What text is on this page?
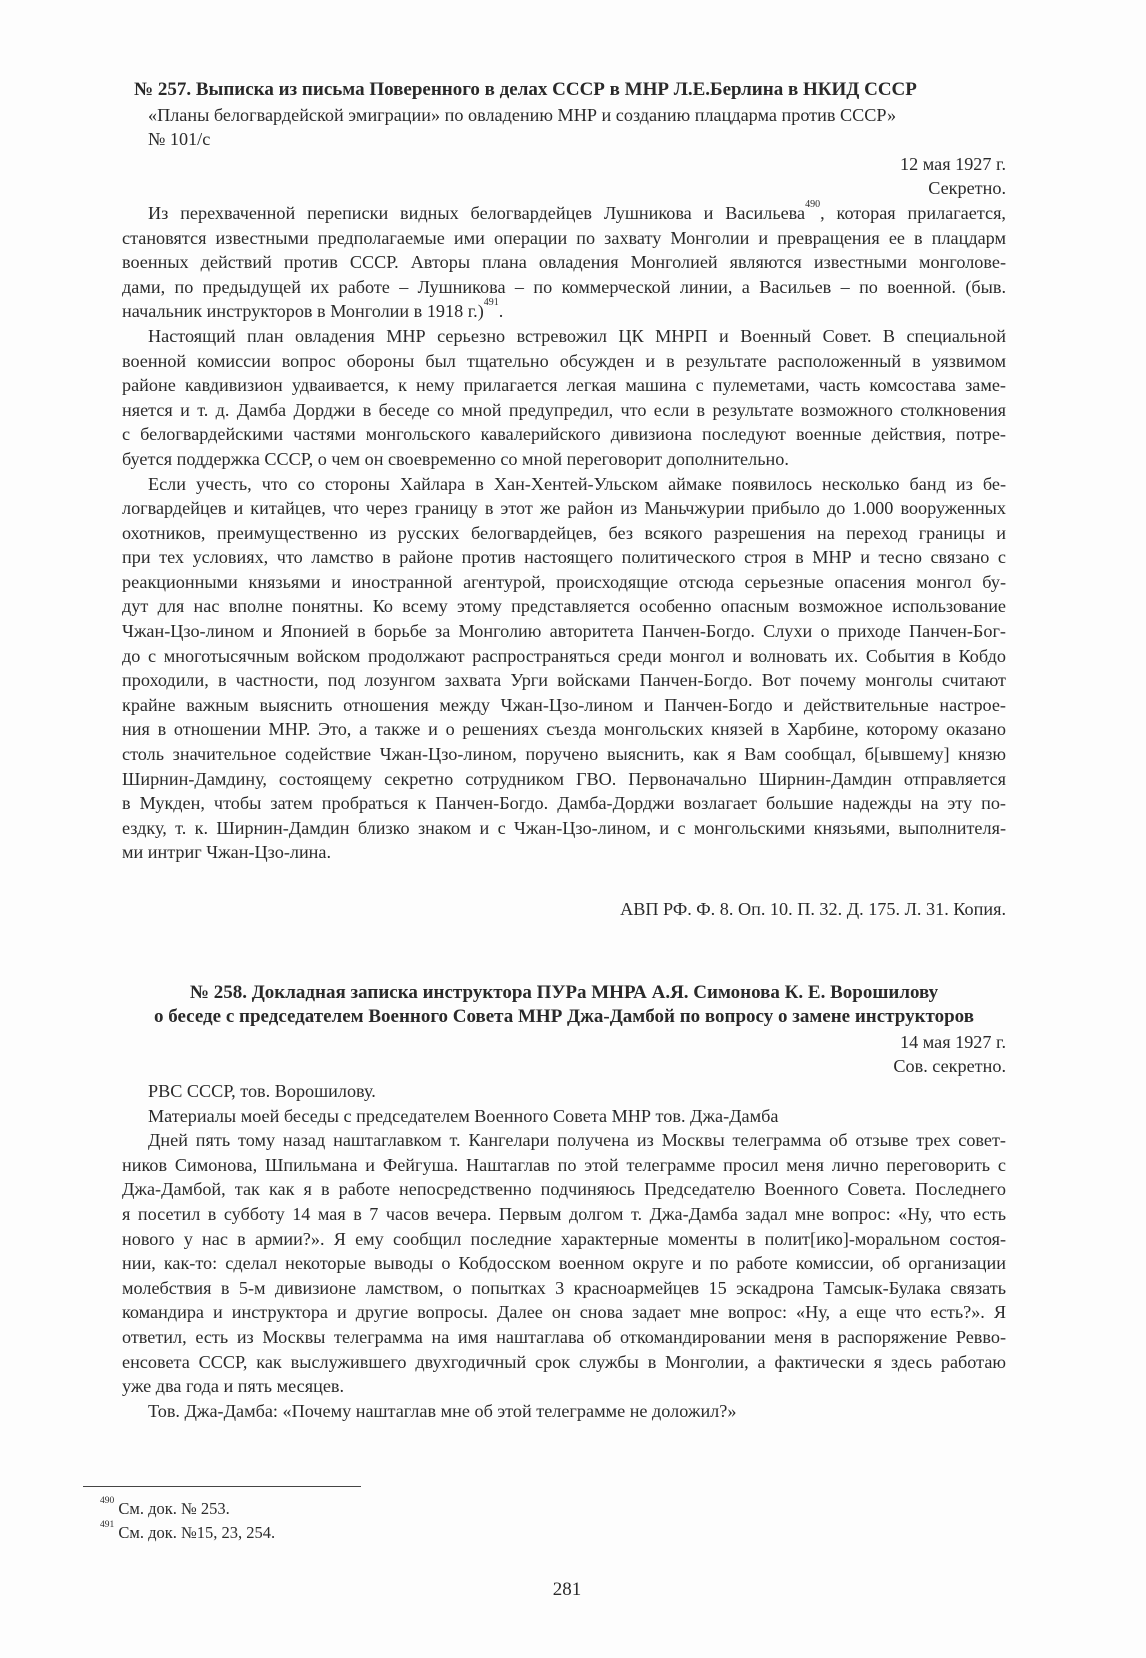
№ 257. Выписка из письма Поверенного в делах СССР в МНР Л.Е.Берлина в НКИД СССР
«Планы белогвардейской эмиграции» по овладению МНР и созданию плацдарма против СССР»
№ 101/с
12 мая 1927 г.
Секретно.
Из перехваченной переписки видных белогвардейцев Лушникова и Васильева$^{490}$, которая прилагается,
становятся известными предполагаемые ими операции по захвату Монголии и превращения ее в плацдарм
военных действий против СССР. Авторы плана овладения Монголией являются известными монголове-
дами, по предыдущей их работе – Лушникова – по коммерческой линии, а Васильев – по военной. (быв.
начальник инструкторов в Монголии в 1918 г.)$^{491}$.
Настоящий план овладения МНР серьезно встревожил ЦК МНРП и Военный Совет. В специальной
военной комиссии вопрос обороны был тщательно обсужден и в результате расположенный в уязвимом
районе кавдивизион удваивается, к нему прилагается легкая машина с пулеметами, часть комсостава заме-
няется и т. д. Дамба Дорджи в беседе со мной предупредил, что если в результате возможного столкновения
с белогвардейскими частями монгольского кавалерийского дивизиона последуют военные действия, потре-
буется поддержка СССР, о чем он своевременно со мной переговорит дополнительно.
Если учесть, что со стороны Хайлара в Хан-Хентей-Ульском аймаке появилось несколько банд из бе-
логвардейцев и китайцев, что через границу в этот же район из Маньчжурии прибыло до 1.000 вооруженных
охотников, преимущественно из русских белогвардейцев, без всякого разрешения на переход границы и
при тех условиях, что ламство в районе против настоящего политического строя в МНР и тесно связано с
реакционными князьями и иностранной агентурой, происходящие отсюда серьезные опасения монгол бу-
дут для нас вполне понятны. Ко всему этому представляется особенно опасным возможное использование
Чжан-Цзо-лином и Японией в борьбе за Монголию авторитета Панчен-Богдо. Слухи о приходе Панчен-Бог-
до с многотысячным войском продолжают распространяться среди монгол и волновать их. События в Кобдо
проходили, в частности, под лозунгом захвата Урги войсками Панчен-Богдо. Вот почему монголы считают
крайне важным выяснить отношения между Чжан-Цзо-лином и Панчен-Богдо и действительные настрое-
ния в отношении МНР. Это, а также и о решениях съезда монгольских князей в Харбине, которому оказано
столь значительное содействие Чжан-Цзо-лином, поручено выяснить, как я Вам сообщал, б[ывшему] князю
Ширнин-Дамдину, состоящему секретно сотрудником ГВО. Первоначально Ширнин-Дамдин отправляется
в Мукден, чтобы затем пробраться к Панчен-Богдо. Дамба-Дорджи возлагает большие надежды на эту по-
ездку, т. к. Ширнин-Дамдин близко знаком и с Чжан-Цзо-лином, и с монгольскими князьями, выполнителя-
ми интриг Чжан-Цзо-лина.
АВП РФ. Ф. 8. Оп. 10. П. 32. Д. 175. Л. 31. Копия.
№ 258. Докладная записка инструктора ПУРа МНРА А.Я. Симонова К. Е. Ворошилову
о беседе с председателем Военного Совета МНР Джа-Дамбой по вопросу о замене инструкторов
14 мая 1927 г.
Сов. секретно.
РВС СССР, тов. Ворошилову.
Материалы моей беседы с председателем Военного Совета МНР тов. Джа-Дамба
Дней пять тому назад наштаглавком т. Кангелари получена из Москвы телеграмма об отзыве трех совет-
ников Симонова, Шпильмана и Фейгуша. Наштаглав по этой телеграмме просил меня лично переговорить с
Джа-Дамбой, так как я в работе непосредственно подчиняюсь Председателю Военного Совета. Последнего
я посетил в субботу 14 мая в 7 часов вечера. Первым долгом т. Джа-Дамба задал мне вопрос: «Ну, что есть
нового у нас в армии?». Я ему сообщил последние характерные моменты в полит[ико]-моральном состоя-
нии, как-то: сделал некоторые выводы о Кобдосском военном округе и по работе комиссии, об организации
молебствия в 5-м дивизионе ламством, о попытках 3 красноармейцев 15 эскадрона Тамсык-Булака связать
командира и инструктора и другие вопросы. Далее он снова задает мне вопрос: «Ну, а еще что есть?». Я
ответил, есть из Москвы телеграмма на имя наштаглава об откомандировании меня в распоряжение Ревво-
енсовета СССР, как выслужившего двухгодичный срок службы в Монголии, а фактически я здесь работаю
уже два года и пять месяцев.
Тов. Джа-Дамба: «Почему наштаглав мне об этой телеграмме не доложил?»
$^{490}$ См. док. № 253.
$^{491}$ См. док. №15, 23, 254.
281
